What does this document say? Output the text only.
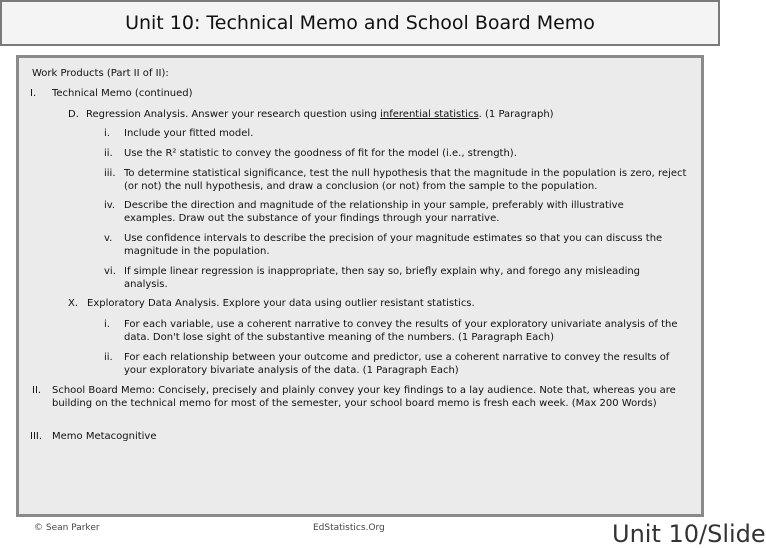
Unit 10: Technical Memo and School Board Memo
Work Products (Part II of II):
I. Technical Memo (continued)
D. Regression Analysis. Answer your research question using inferential statistics. (1 Paragraph)
i. Include your fitted model.
ii. Use the R² statistic to convey the goodness of fit for the model (i.e., strength).
iii. To determine statistical significance, test the null hypothesis that the magnitude in the population is zero, reject (or not) the null hypothesis, and draw a conclusion (or not) from the sample to the population.
iv. Describe the direction and magnitude of the relationship in your sample, preferably with illustrative examples. Draw out the substance of your findings through your narrative.
v. Use confidence intervals to describe the precision of your magnitude estimates so that you can discuss the magnitude in the population.
vi. If simple linear regression is inappropriate, then say so, briefly explain why, and forego any misleading analysis.
X. Exploratory Data Analysis. Explore your data using outlier resistant statistics.
i. For each variable, use a coherent narrative to convey the results of your exploratory univariate analysis of the data. Don't lose sight of the substantive meaning of the numbers. (1 Paragraph Each)
ii. For each relationship between your outcome and predictor, use a coherent narrative to convey the results of your exploratory bivariate analysis of the data. (1 Paragraph Each)
II. School Board Memo: Concisely, precisely and plainly convey your key findings to a lay audience. Note that, whereas you are building on the technical memo for most of the semester, your school board memo is fresh each week. (Max 200 Words)
III. Memo Metacognitive
© Sean Parker	EdStatistics.Org	Unit 10/Slide
